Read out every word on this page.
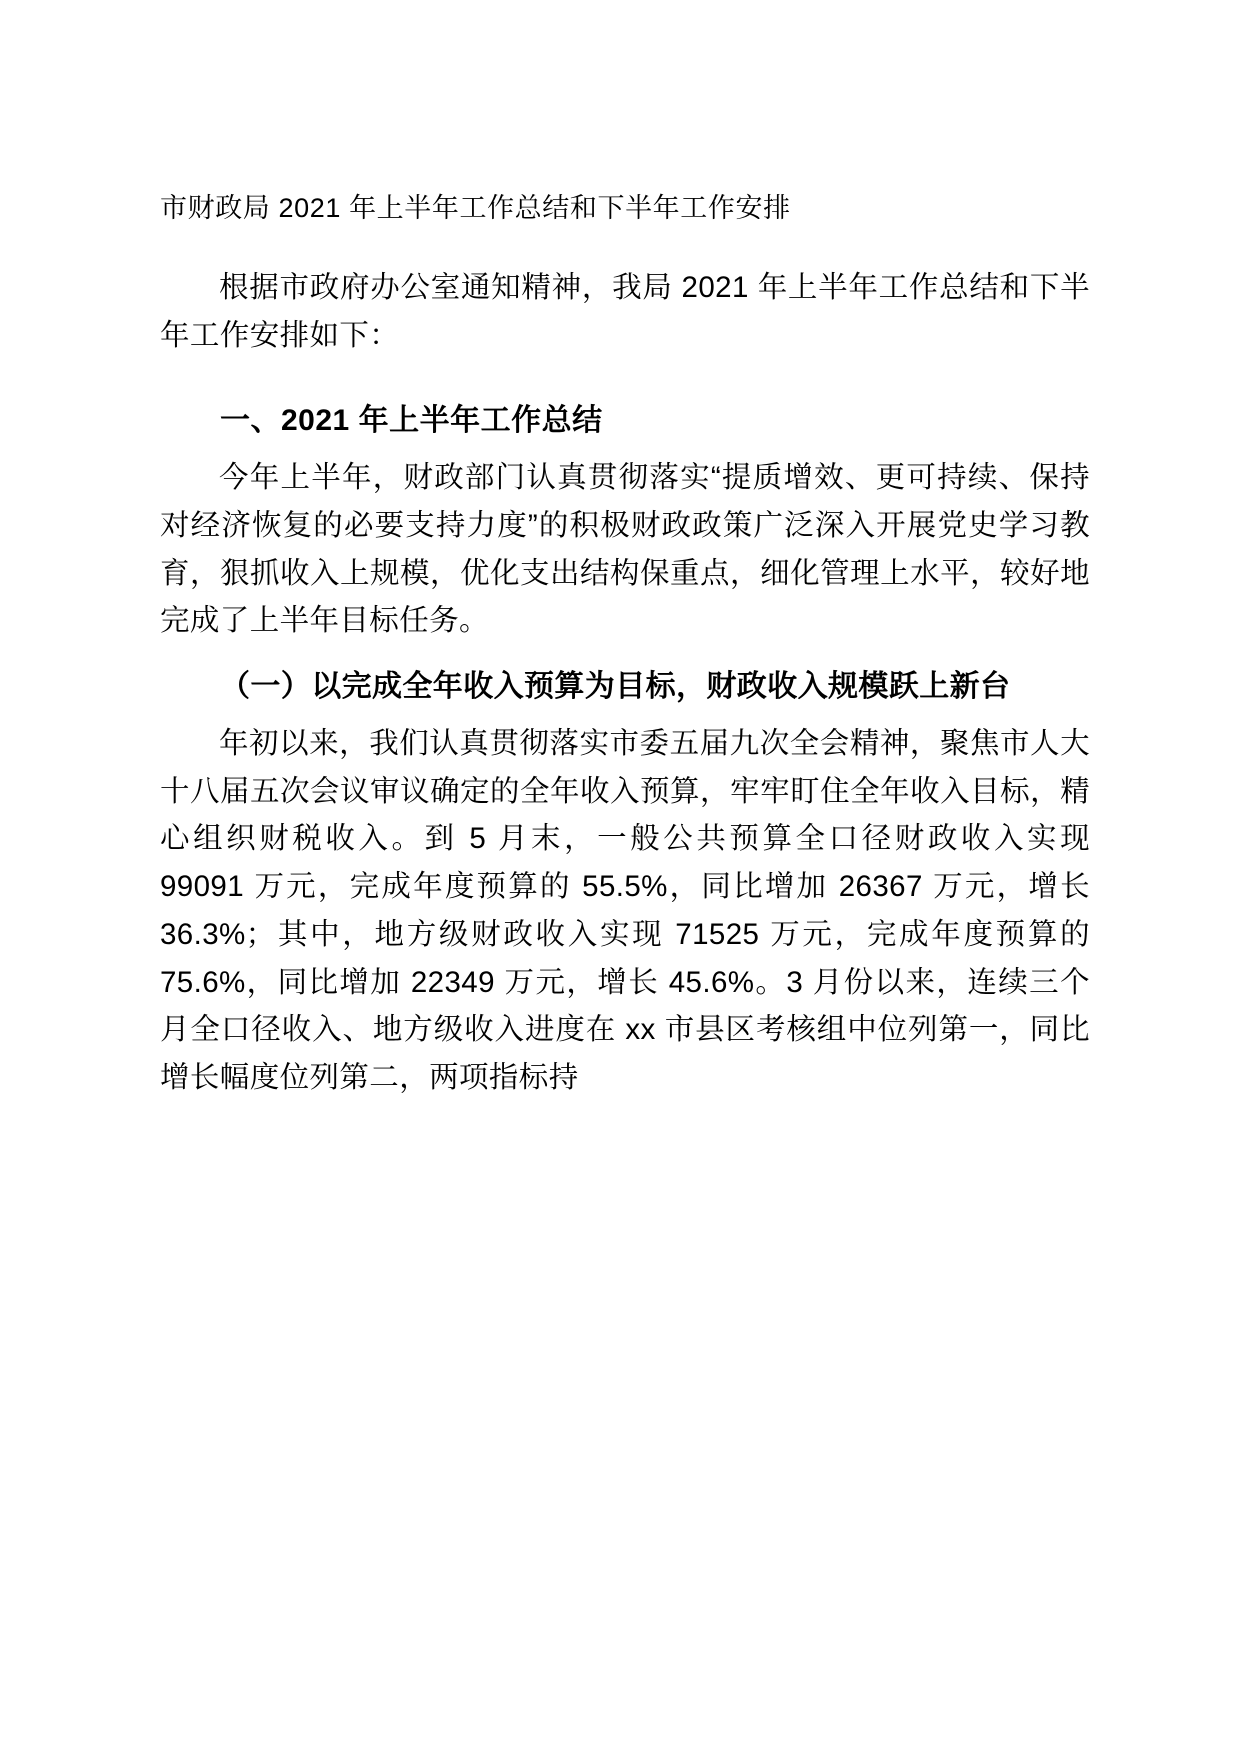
市财政局 2021 年上半年工作总结和下半年工作安排

根据市政府办公室通知精神，我局 2021 年上半年工作总结和下半年工作安排如下：

一、2021 年上半年工作总结

今年上半年，财政部门认真贯彻落实“提质增效、更可持续、保持对经济恢复的必要支持力度”的积极财政政策广泛深入开展党史学习教育，狠抓收入上规模，优化支出结构保重点，细化管理上水平，较好地完成了上半年目标任务。

（一）以完成全年收入预算为目标，财政收入规模跃上新台

年初以来，我们认真贯彻落实市委五届九次全会精神，聚焦市人大十八届五次会议审议确定的全年收入预算，牢牢盯住全年收入目标，精心组织财税收入。到 5 月末，一般公共预算全口径财政收入实现 99091 万元，完成年度预算的 55.5%，同比增加 26367 万元，增长 36.3%；其中，地方级财政收入实现 71525 万元，完成年度预算的 75.6%，同比增加 22349 万元，增长 45.6%。3 月份以来，连续三个月全口径收入、地方级收入进度在 xx 市县区考核组中位列第一，同比增长幅度位列第二，两项指标持
